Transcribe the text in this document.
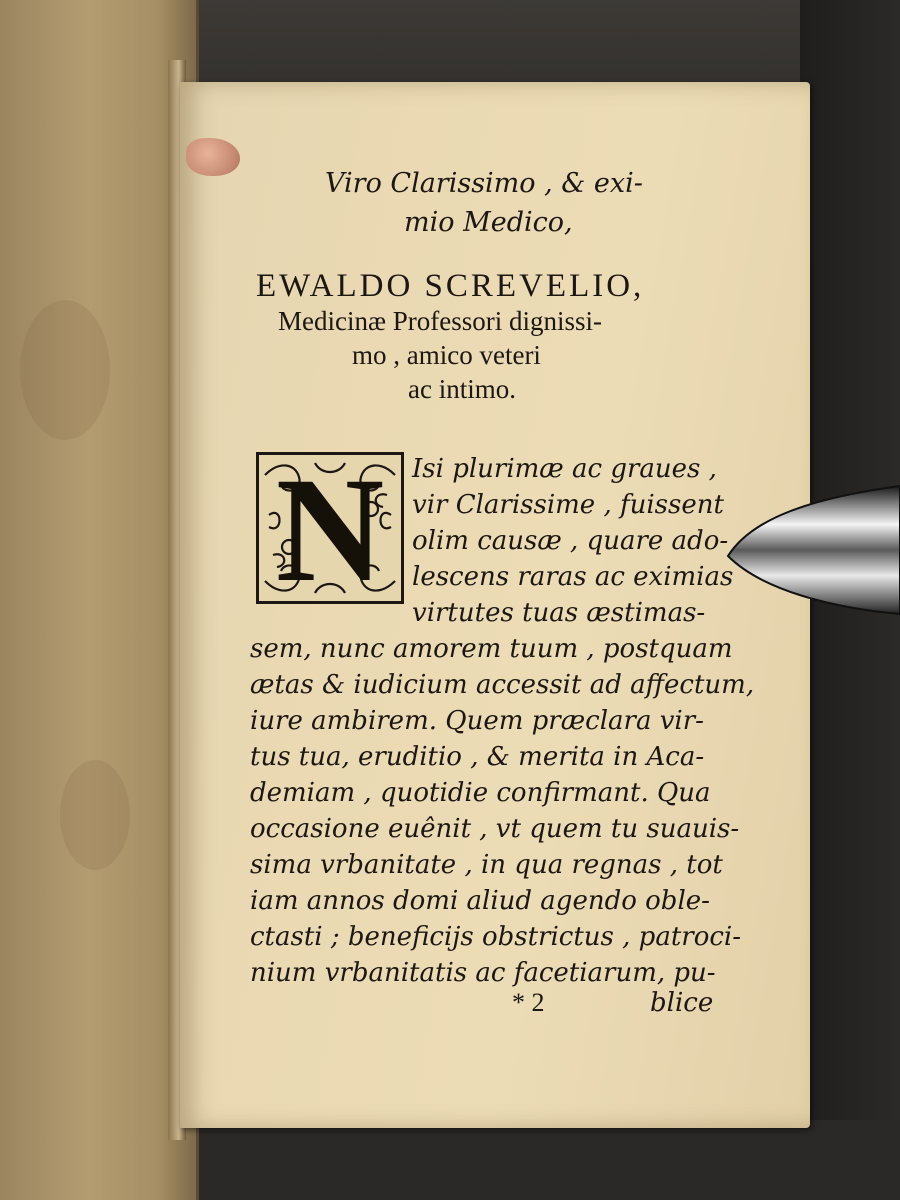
Viro Clarissimo , & exi-
mio Medico,
EWALDO SCREVELIO,
Medicinæ Professori dignissi-
mo , amico veteri
ac intimo.
N	Isi plurimæ ac graues ,
vir Clarissime , fuissent
olim causæ , quare ado-
lescens raras ac eximias
virtutes tuas æstimas-
sem, nunc amorem tuum , postquam
ætas & iudicium accessit ad affectum,
iure ambirem. Quem præclara vir-
tus tua, eruditio , & merita in Aca-
demiam , quotidie confirmant. Qua
occasione euênit , vt quem tu suauis-
sima vrbanitate , in qua regnas , tot
iam annos domi aliud agendo oble-
ctasti ; beneficijs obstrictus , patroci-
nium vrbanitatis ac facetiarum, pu-
* 2	blice
